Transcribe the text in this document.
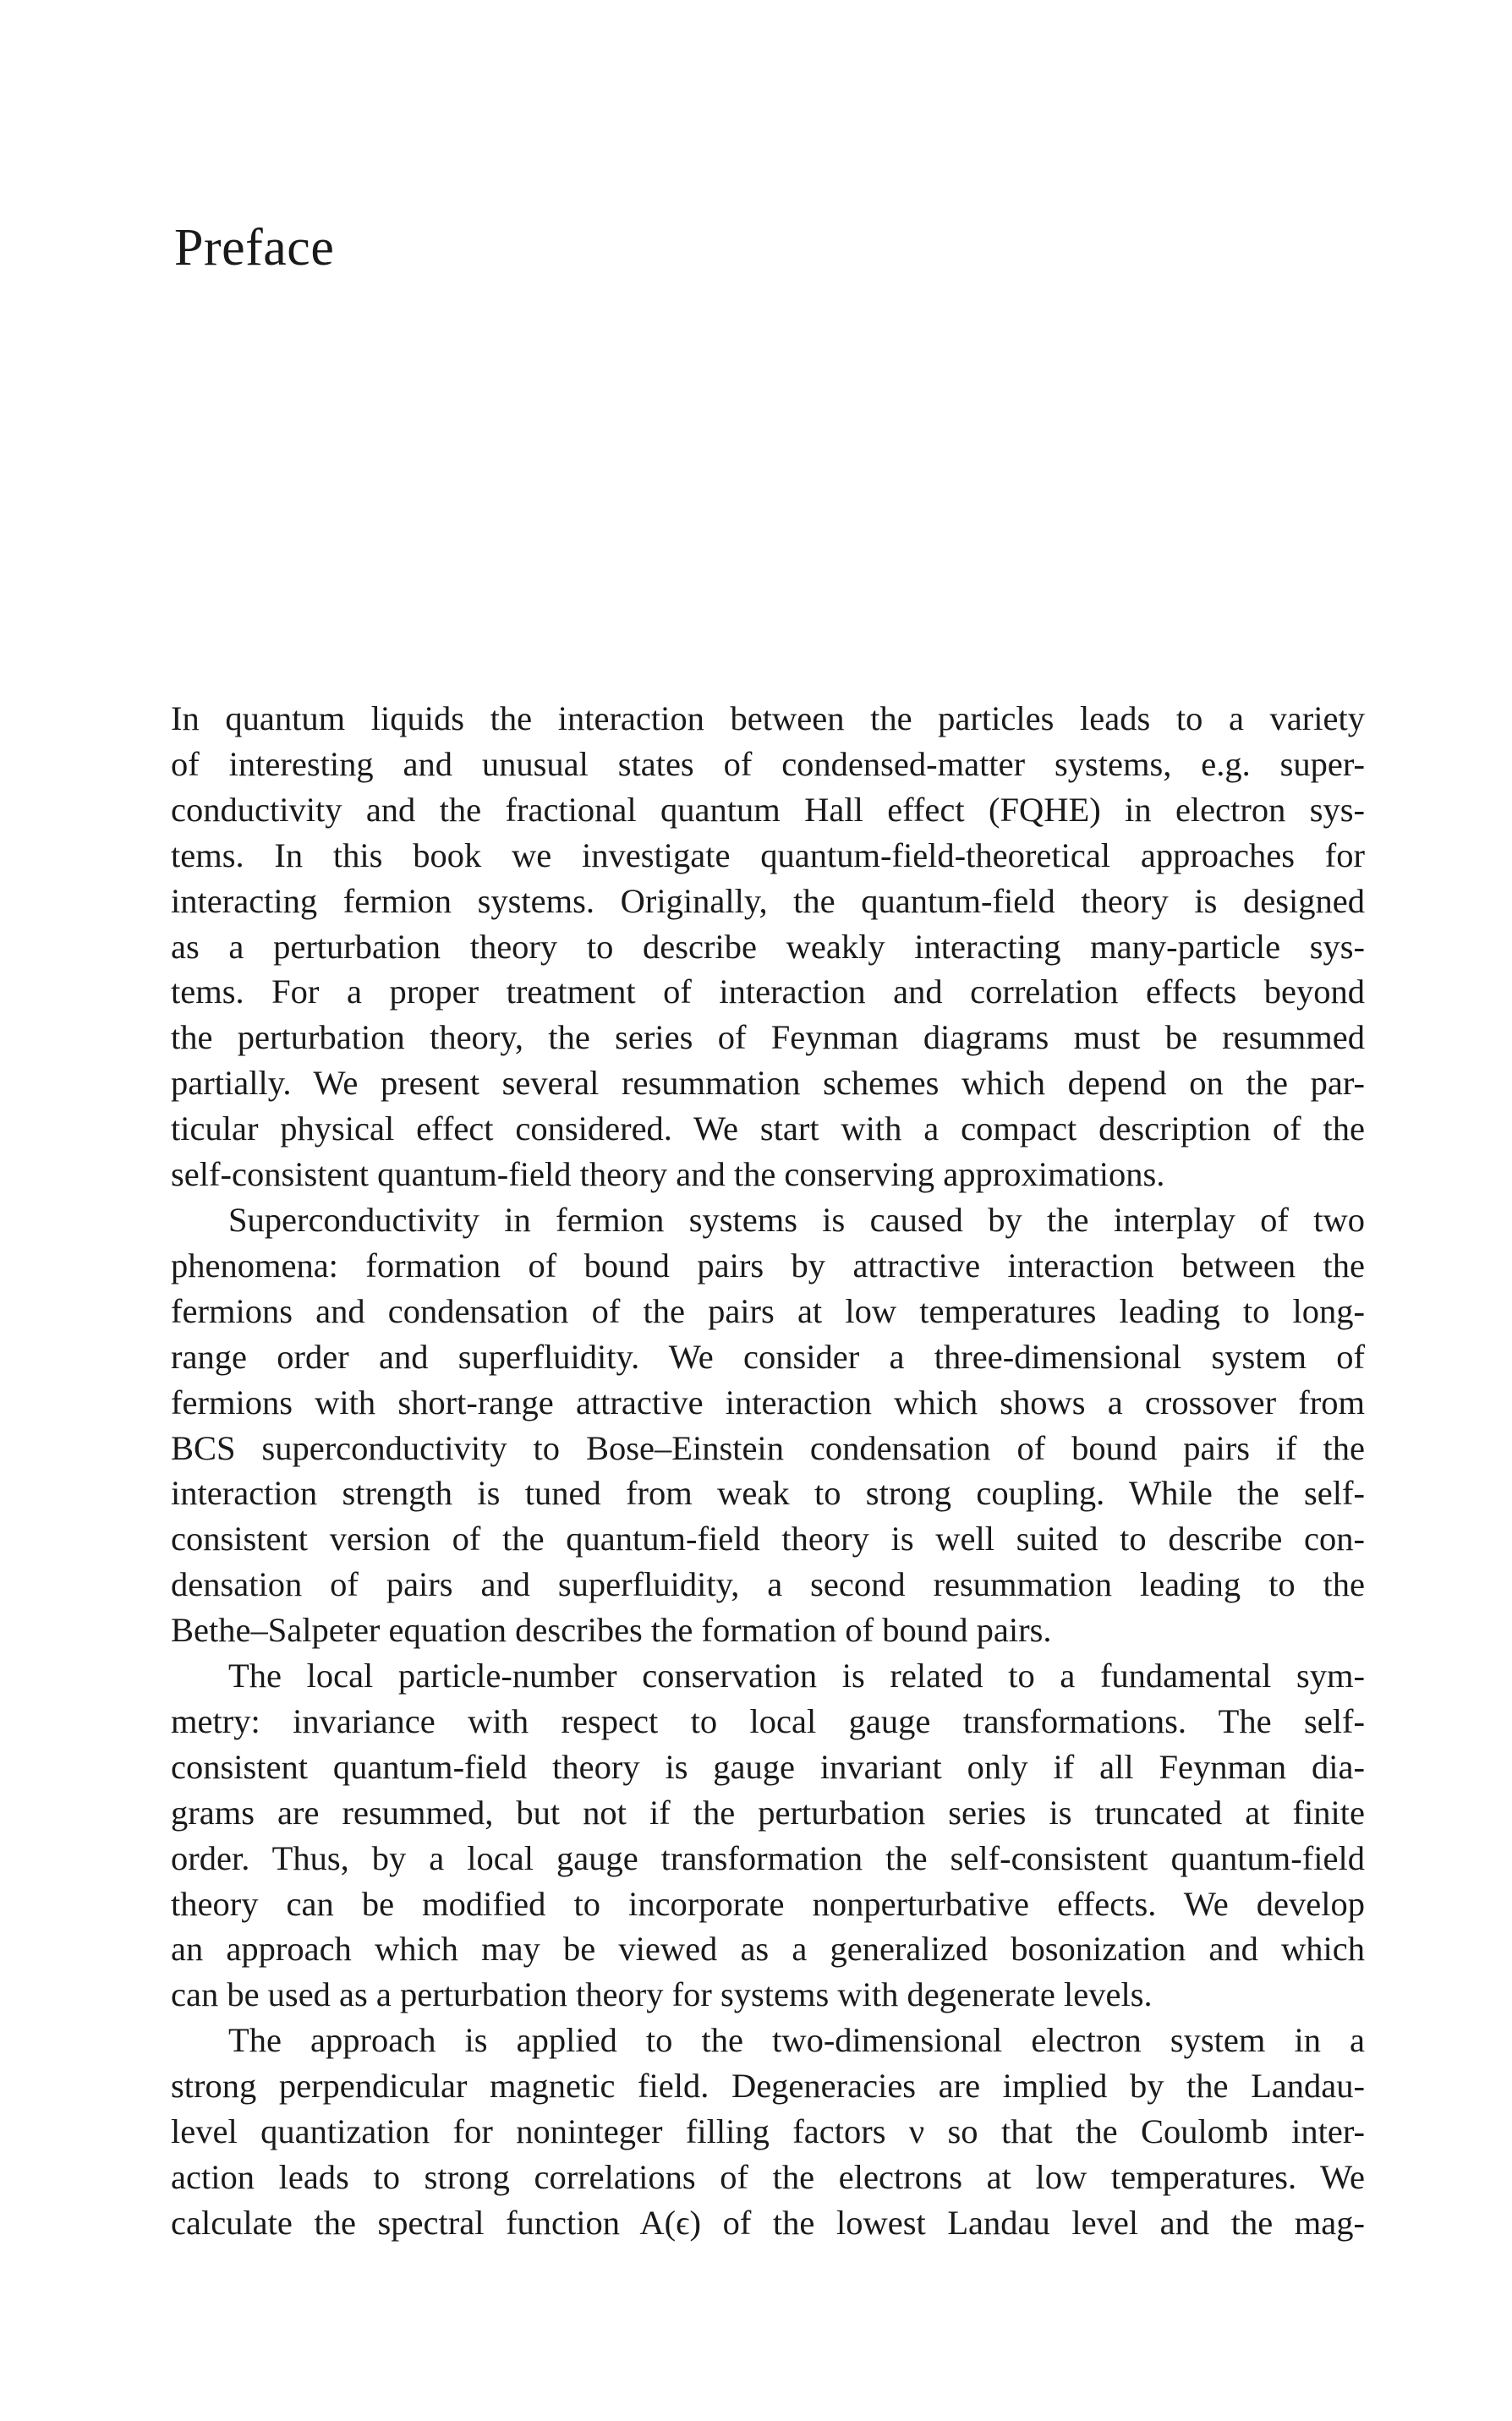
Preface

In quantum liquids the interaction between the particles leads to a variety
of interesting and unusual states of condensed-matter systems, e.g. super-
conductivity and the fractional quantum Hall effect (FQHE) in electron sys-
tems. In this book we investigate quantum-field-theoretical approaches for
interacting fermion systems. Originally, the quantum-field theory is designed
as a perturbation theory to describe weakly interacting many-particle sys-
tems. For a proper treatment of interaction and correlation effects beyond
the perturbation theory, the series of Feynman diagrams must be resummed
partially. We present several resummation schemes which depend on the par-
ticular physical effect considered. We start with a compact description of the
self-consistent quantum-field theory and the conserving approximations.

Superconductivity in fermion systems is caused by the interplay of two
phenomena: formation of bound pairs by attractive interaction between the
fermions and condensation of the pairs at low temperatures leading to long-
range order and superfluidity. We consider a three-dimensional system of
fermions with short-range attractive interaction which shows a crossover from
BCS superconductivity to Bose–Einstein condensation of bound pairs if the
interaction strength is tuned from weak to strong coupling. While the self-
consistent version of the quantum-field theory is well suited to describe con-
densation of pairs and superfluidity, a second resummation leading to the
Bethe–Salpeter equation describes the formation of bound pairs.

The local particle-number conservation is related to a fundamental sym-
metry: invariance with respect to local gauge transformations. The self-
consistent quantum-field theory is gauge invariant only if all Feynman dia-
grams are resummed, but not if the perturbation series is truncated at finite
order. Thus, by a local gauge transformation the self-consistent quantum-field
theory can be modified to incorporate nonperturbative effects. We develop
an approach which may be viewed as a generalized bosonization and which
can be used as a perturbation theory for systems with degenerate levels.

The approach is applied to the two-dimensional electron system in a
strong perpendicular magnetic field. Degeneracies are implied by the Landau-
level quantization for noninteger filling factors ν so that the Coulomb inter-
action leads to strong correlations of the electrons at low temperatures. We
calculate the spectral function A(ϵ) of the lowest Landau level and the mag-
